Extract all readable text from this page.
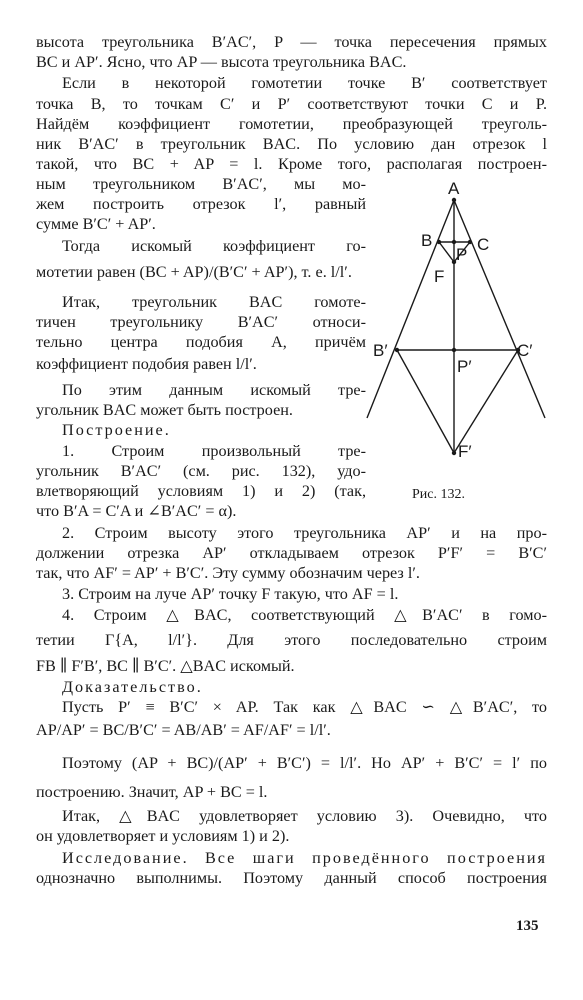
высота треугольника B′AC′, P — точка пересечения прямых

BC и AP′. Ясно, что AP — высота треугольника BAC.

Если в некоторой гомотетии точке B′ соответствует

точка B, то точкам C′ и P′ соответствуют точки C и P.

Найдём коэффициент гомотетии, преобразующей треуголь-

ник B′AC′ в треугольник BAC. По условию дан отрезок l

такой, что BC + AP = l. Кроме того, располагая построен-

ным треугольником B′AC′, мы мо-

жем построить отрезок l′, равный

сумме B′C′ + AP′.

Тогда искомый коэффициент го-

мотетии равен (BC + AP)/(B′C′ + AP′), т. е. l/l′.

Итак, треугольник BAC гомоте-

тичен треугольнику B′AC′ относи-

тельно центра подобия A, причём

коэффициент подобия равен l/l′.

По этим данным искомый тре-

угольник BAC может быть построен.

Построение.

1. Строим произвольный тре-

угольник B′AC′ (см. рис. 132), удо-

влетворяющий условиям 1) и 2) (так,

что B′A = C′A и ∠B′AC′ = α).

2. Строим высоту этого треугольника AP′ и на про-

должении отрезка AP′ откладываем отрезок P′F′ = B′C′

так, что AF′ = AP′ + B′C′. Эту сумму обозначим через l′.

3. Строим на луче AP′ точку F такую, что AF = l.

4. Строим △BAC, соответствующий △B′AC′ в гомо-

тетии Γ{A, l/l′}. Для этого последовательно строим

FB ∥ F′B′, BC ∥ B′C′. △BAC искомый.

Доказательство.

Пусть P′ ≡ B′C′ × AP. Так как △BAC ∽ △B′AC′, то

AP/AP′ = BC/B′C′ = AB/AB′ = AF/AF′ = l/l′.

Поэтому (AP + BC)/(AP′ + B′C′) = l/l′. Но AP′ + B′C′ = l′ по

построению. Значит, AP + BC = l.

Итак, △BAC удовлетворяет условию 3). Очевидно, что

он удовлетворяет и условиям 1) и 2).

Исследование. Все шаги проведённого построения

однозначно выполнимы. Поэтому данный способ построения

A
B	C
P
F
B′	C′
P′
F′
Рис. 132.
135
